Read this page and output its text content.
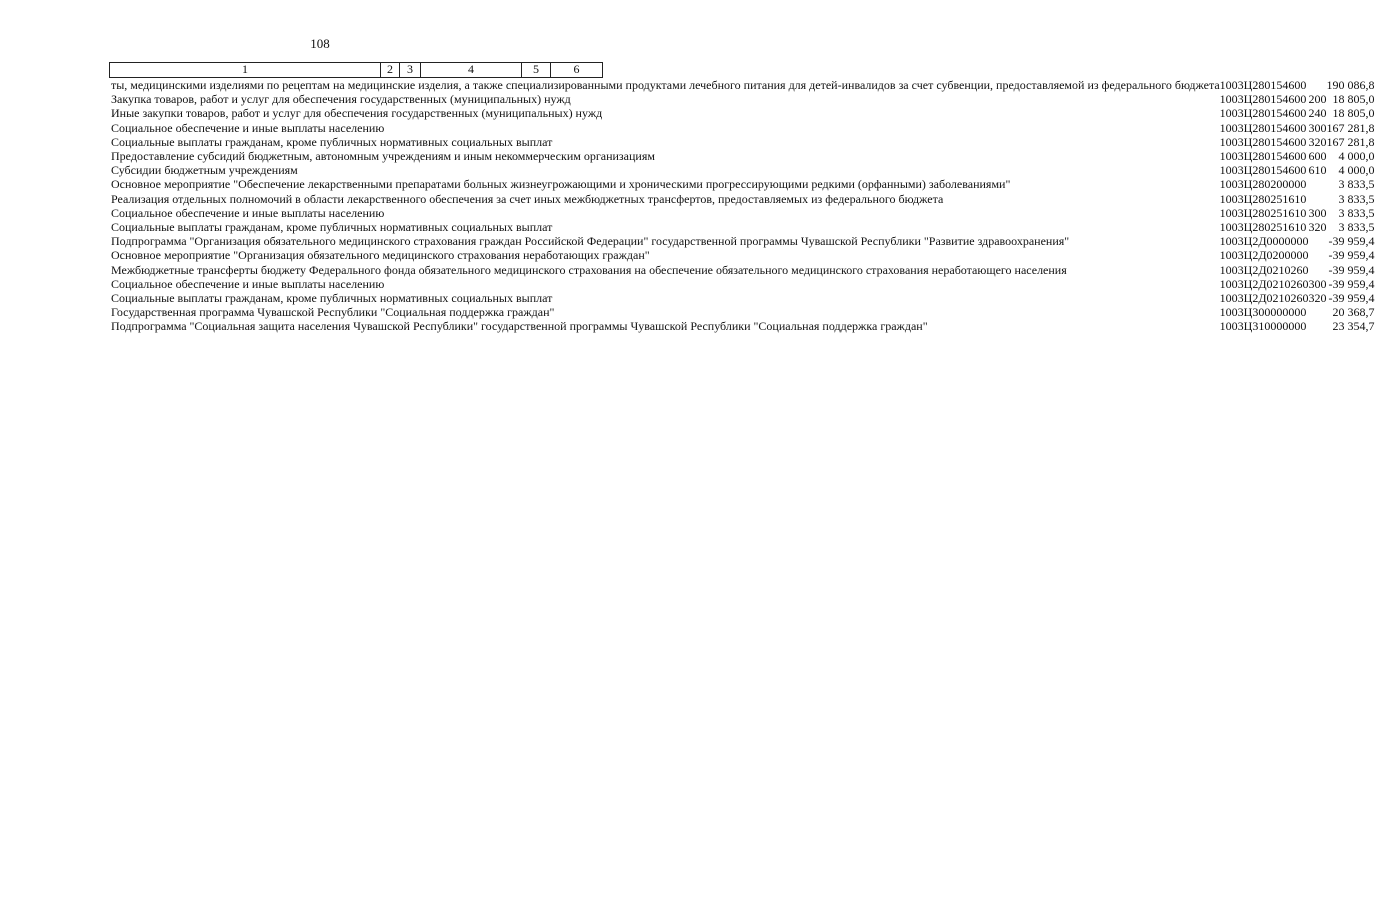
108
1	2	3	4	5	6
ты, медицинскими изделиями по рецептам на медицинские изделия, а также специализированными продуктами лечебного питания для детей-инвалидов за счет субвенции, предоставляемой из федерального бюджета	10	03	Ц280154600		190 086,8
Закупка товаров, работ и услуг для обеспечения государственных (муниципальных) нужд	10	03	Ц280154600	200	18 805,0
Иные закупки товаров, работ и услуг для обеспечения государственных (муниципальных) нужд	10	03	Ц280154600	240	18 805,0
Социальное обеспечение и иные выплаты населению	10	03	Ц280154600	300	167 281,8
Социальные выплаты гражданам, кроме публичных нормативных социальных выплат	10	03	Ц280154600	320	167 281,8
Предоставление субсидий бюджетным, автономным учреждениям и иным некоммерческим организациям	10	03	Ц280154600	600	4 000,0
Субсидии бюджетным учреждениям	10	03	Ц280154600	610	4 000,0
Основное мероприятие "Обеспечение лекарственными препаратами больных жизнеугрожающими и хроническими прогрессирующими редкими (орфанными) заболеваниями"	10	03	Ц280200000		3 833,5
Реализация отдельных полномочий в области лекарственного обеспечения за счет иных межбюджетных трансфертов, предоставляемых из федерального бюджета	10	03	Ц280251610		3 833,5
Социальное обеспечение и иные выплаты населению	10	03	Ц280251610	300	3 833,5
Социальные выплаты гражданам, кроме публичных нормативных социальных выплат	10	03	Ц280251610	320	3 833,5
Подпрограмма "Организация обязательного медицинского страхования граждан Российской Федерации" государственной программы Чувашской Республики "Развитие здравоохранения"	10	03	Ц2Д0000000		-39 959,4
Основное мероприятие "Организация обязательного медицинского страхования неработающих граждан"	10	03	Ц2Д0200000		-39 959,4
Межбюджетные трансферты бюджету Федерального фонда обязательного медицинского страхования на обеспечение обязательного медицинского страхования неработающего населения	10	03	Ц2Д0210260		-39 959,4
Социальное обеспечение и иные выплаты населению	10	03	Ц2Д0210260	300	-39 959,4
Социальные выплаты гражданам, кроме публичных нормативных социальных выплат	10	03	Ц2Д0210260	320	-39 959,4
Государственная программа Чувашской Республики "Социальная поддержка граждан"	10	03	Ц300000000		20 368,7
Подпрограмма "Социальная защита населения Чувашской Республики" государственной программы Чувашской Республики "Социальная поддержка граждан"	10	03	Ц310000000		23 354,7
